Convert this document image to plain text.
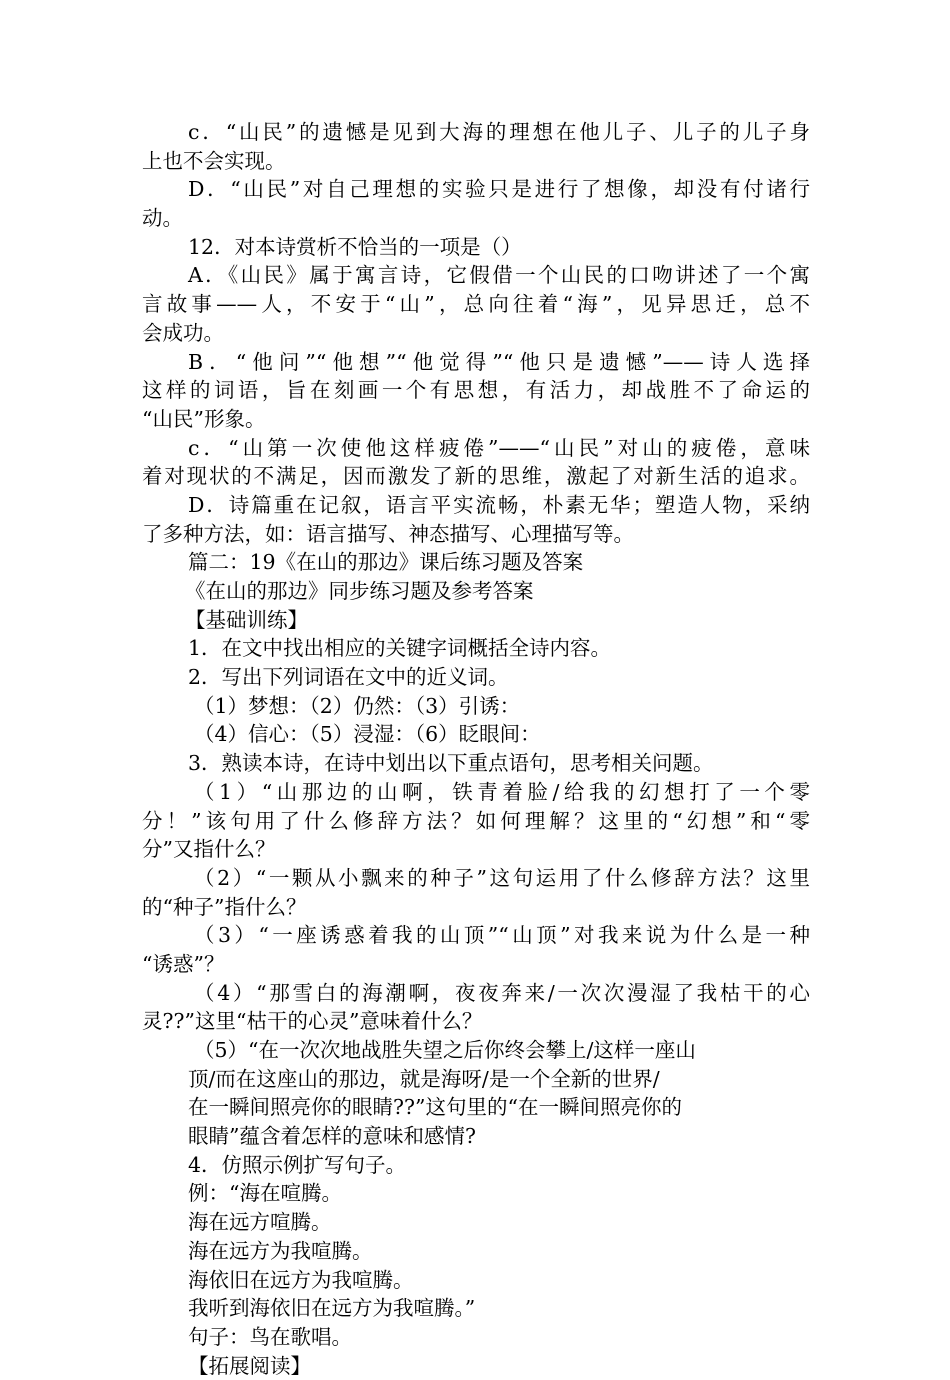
c．“山民”的遗憾是见到大海的理想在他儿子、儿子的儿子身
上也不会实现。
D．“山民”对自己理想的实验只是进行了想像，却没有付诸行
动。
12．对本诗赏析不恰当的一项是（）
A．《山民》属于寓言诗，它假借一个山民的口吻讲述了一个寓
言故事——人，不安于“山”，总向往着“海”，见异思迁，总不
会成功。
B．“他问”“他想”“他觉得”“他只是遗憾”——诗人选择
这样的词语，旨在刻画一个有思想，有活力，却战胜不了命运的
“山民”形象。
c．“山第一次使他这样疲倦”——“山民”对山的疲倦，意味
着对现状的不满足，因而激发了新的思维，激起了对新生活的追求。
D．诗篇重在记叙，语言平实流畅，朴素无华；塑造人物，采纳
了多种方法，如：语言描写、神态描写、心理描写等。
篇二：19《在山的那边》课后练习题及答案
《在山的那边》同步练习题及参考答案
【基础训练】
1．在文中找出相应的关键字词概括全诗内容。
2．写出下列词语在文中的近义词。
（1）梦想：（2）仍然：（3）引诱：
（4）信心：（5）浸湿：（6）眨眼间：
3．熟读本诗，在诗中划出以下重点语句，思考相关问题。
（1）“山那边的山啊，铁青着脸/给我的幻想打了一个零
分！”该句用了什么修辞方法？如何理解？这里的“幻想”和“零
分”又指什么？
（2）“一颗从小飘来的种子”这句运用了什么修辞方法？这里
的“种子”指什么？
（3）“一座诱惑着我的山顶”“山顶”对我来说为什么是一种
“诱惑”？
（4）“那雪白的海潮啊，夜夜奔来/一次次漫湿了我枯干的心
灵??”这里“枯干的心灵”意味着什么？
（5）“在一次次地战胜失望之后你终会攀上/这样一座山
顶/而在这座山的那边，就是海呀/是一个全新的世界/
在一瞬间照亮你的眼睛??”这句里的“在一瞬间照亮你的
眼睛”蕴含着怎样的意味和感情?
4．仿照示例扩写句子。
例：“海在喧腾。
海在远方喧腾。
海在远方为我喧腾。
海依旧在远方为我喧腾。
我听到海依旧在远方为我喧腾。”
句子：鸟在歌唱。
【拓展阅读】
